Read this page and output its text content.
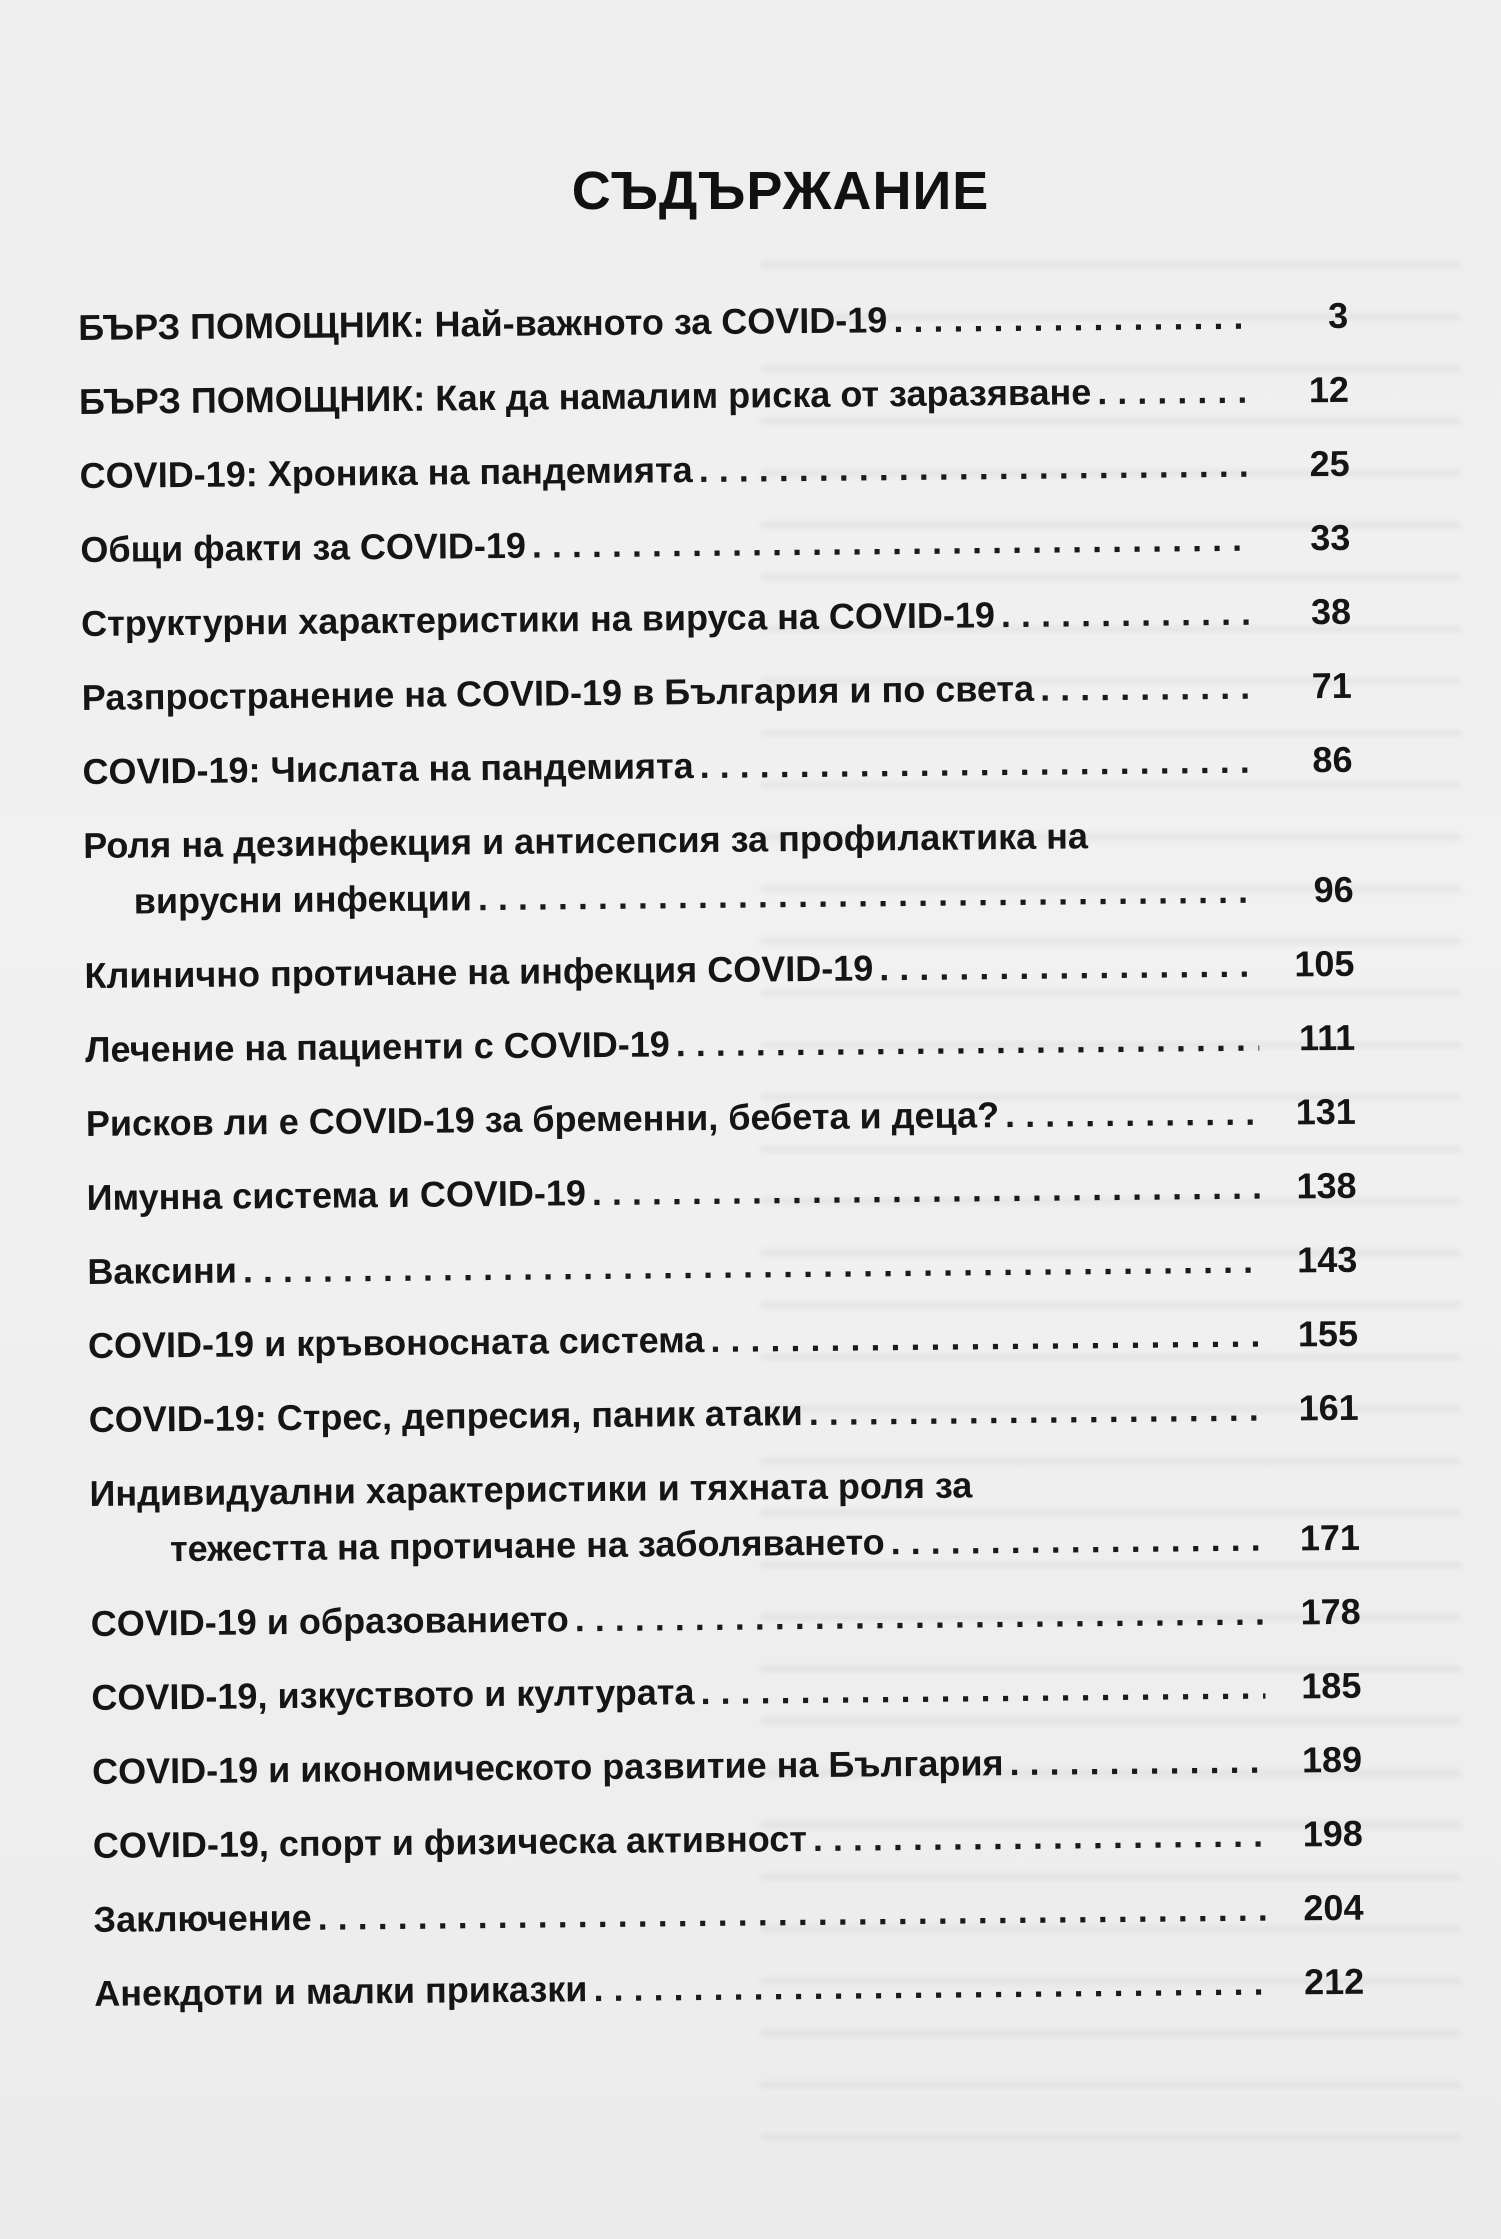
СЪДЪРЖАНИЕ
БЪРЗ ПОМОЩНИК: Най-важното за COVID-19 . . .	3
БЪРЗ ПОМОЩНИК: Как да намалим риска от заразяване . . .	12
COVID-19: Хроника на пандемията . . .	25
Общи факти за COVID-19 . . .	33
Структурни характеристики на вируса на COVID-19 . . .	38
Разпространение на COVID-19 в България и по света . . .	71
COVID-19: Числата на пандемията . . .	86
Роля на дезинфекция и антисепсия за профилактика на
вирусни инфекции . . .	96
Клинично протичане на инфекция COVID-19 . . .	105
Лечение на пациенти с COVID-19 . . .	111
Рисков ли е COVID-19 за бременни, бебета и деца? . . .	131
Имунна система и COVID-19 . . .	138
Ваксини . . .	143
COVID-19 и кръвоносната система . . .	155
COVID-19: Стрес, депресия, паник атаки . . .	161
Индивидуални характеристики и тяхната роля за
тежестта на протичане на заболяването . . .	171
COVID-19 и образованието . . .	178
COVID-19, изкуството и културата . . .	185
COVID-19 и икономическото развитие на България . . .	189
COVID-19, спорт и физическа активност . . .	198
Заключение . . .	204
Анекдоти и малки приказки . . .	212
